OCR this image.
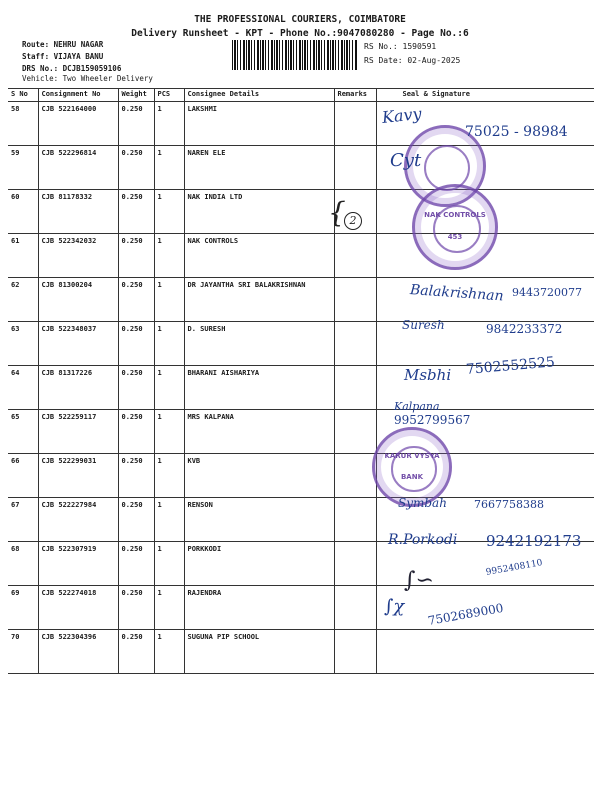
THE PROFESSIONAL COURIERS, COIMBATORE
Delivery Runsheet - KPT - Phone No.:9047080280 - Page No.:6
Route: NEHRU NAGAR
Staff: VIJAYA BANU
DRS No.: DCJB159059106
Vehicle: Two Wheeler Delivery
RS No.: 1590591
RS Date: 02-Aug-2025
S No	Consignment No	Weight	PCS	Consignee Details	Remarks	Seal & Signature
58	CJB 522164000	0.250	1	LAKSHMI		
59	CJB 522296814	0.250	1	NAREN ELE		
60	CJB 81178332	0.250	1	NAK INDIA LTD		
61	CJB 522342032	0.250	1	NAK CONTROLS		
62	CJB 81300204	0.250	1	DR JAYANTHA SRI BALAKRISHNAN		
63	CJB 522348037	0.250	1	D. SURESH		
64	CJB 81317226	0.250	1	BHARANI AISHARIYA		
65	CJB 522259117	0.250	1	MRS KALPANA		
66	CJB 522299031	0.250	1	KVB		
67	CJB 522227984	0.250	1	RENSON		
68	CJB 522307919	0.250	1	PORKKODI		
69	CJB 522274018	0.250	1	RAJENDRA		
70	CJB 522304396	0.250	1	SUGUNA PIP SCHOOL		
NAK CONTROLS
453
KARUR VYSYA
BANK
{ 2
Kavy
75025 - 98984
Cyt
Balakrishnan 9443720077
Suresh	9842233372
Msbhi 7502552525
Kalpana
9952799567
Symbah 7667758388
R.Porkodi 9242192173
∫∽	9952408110
∫χ 7502689000
